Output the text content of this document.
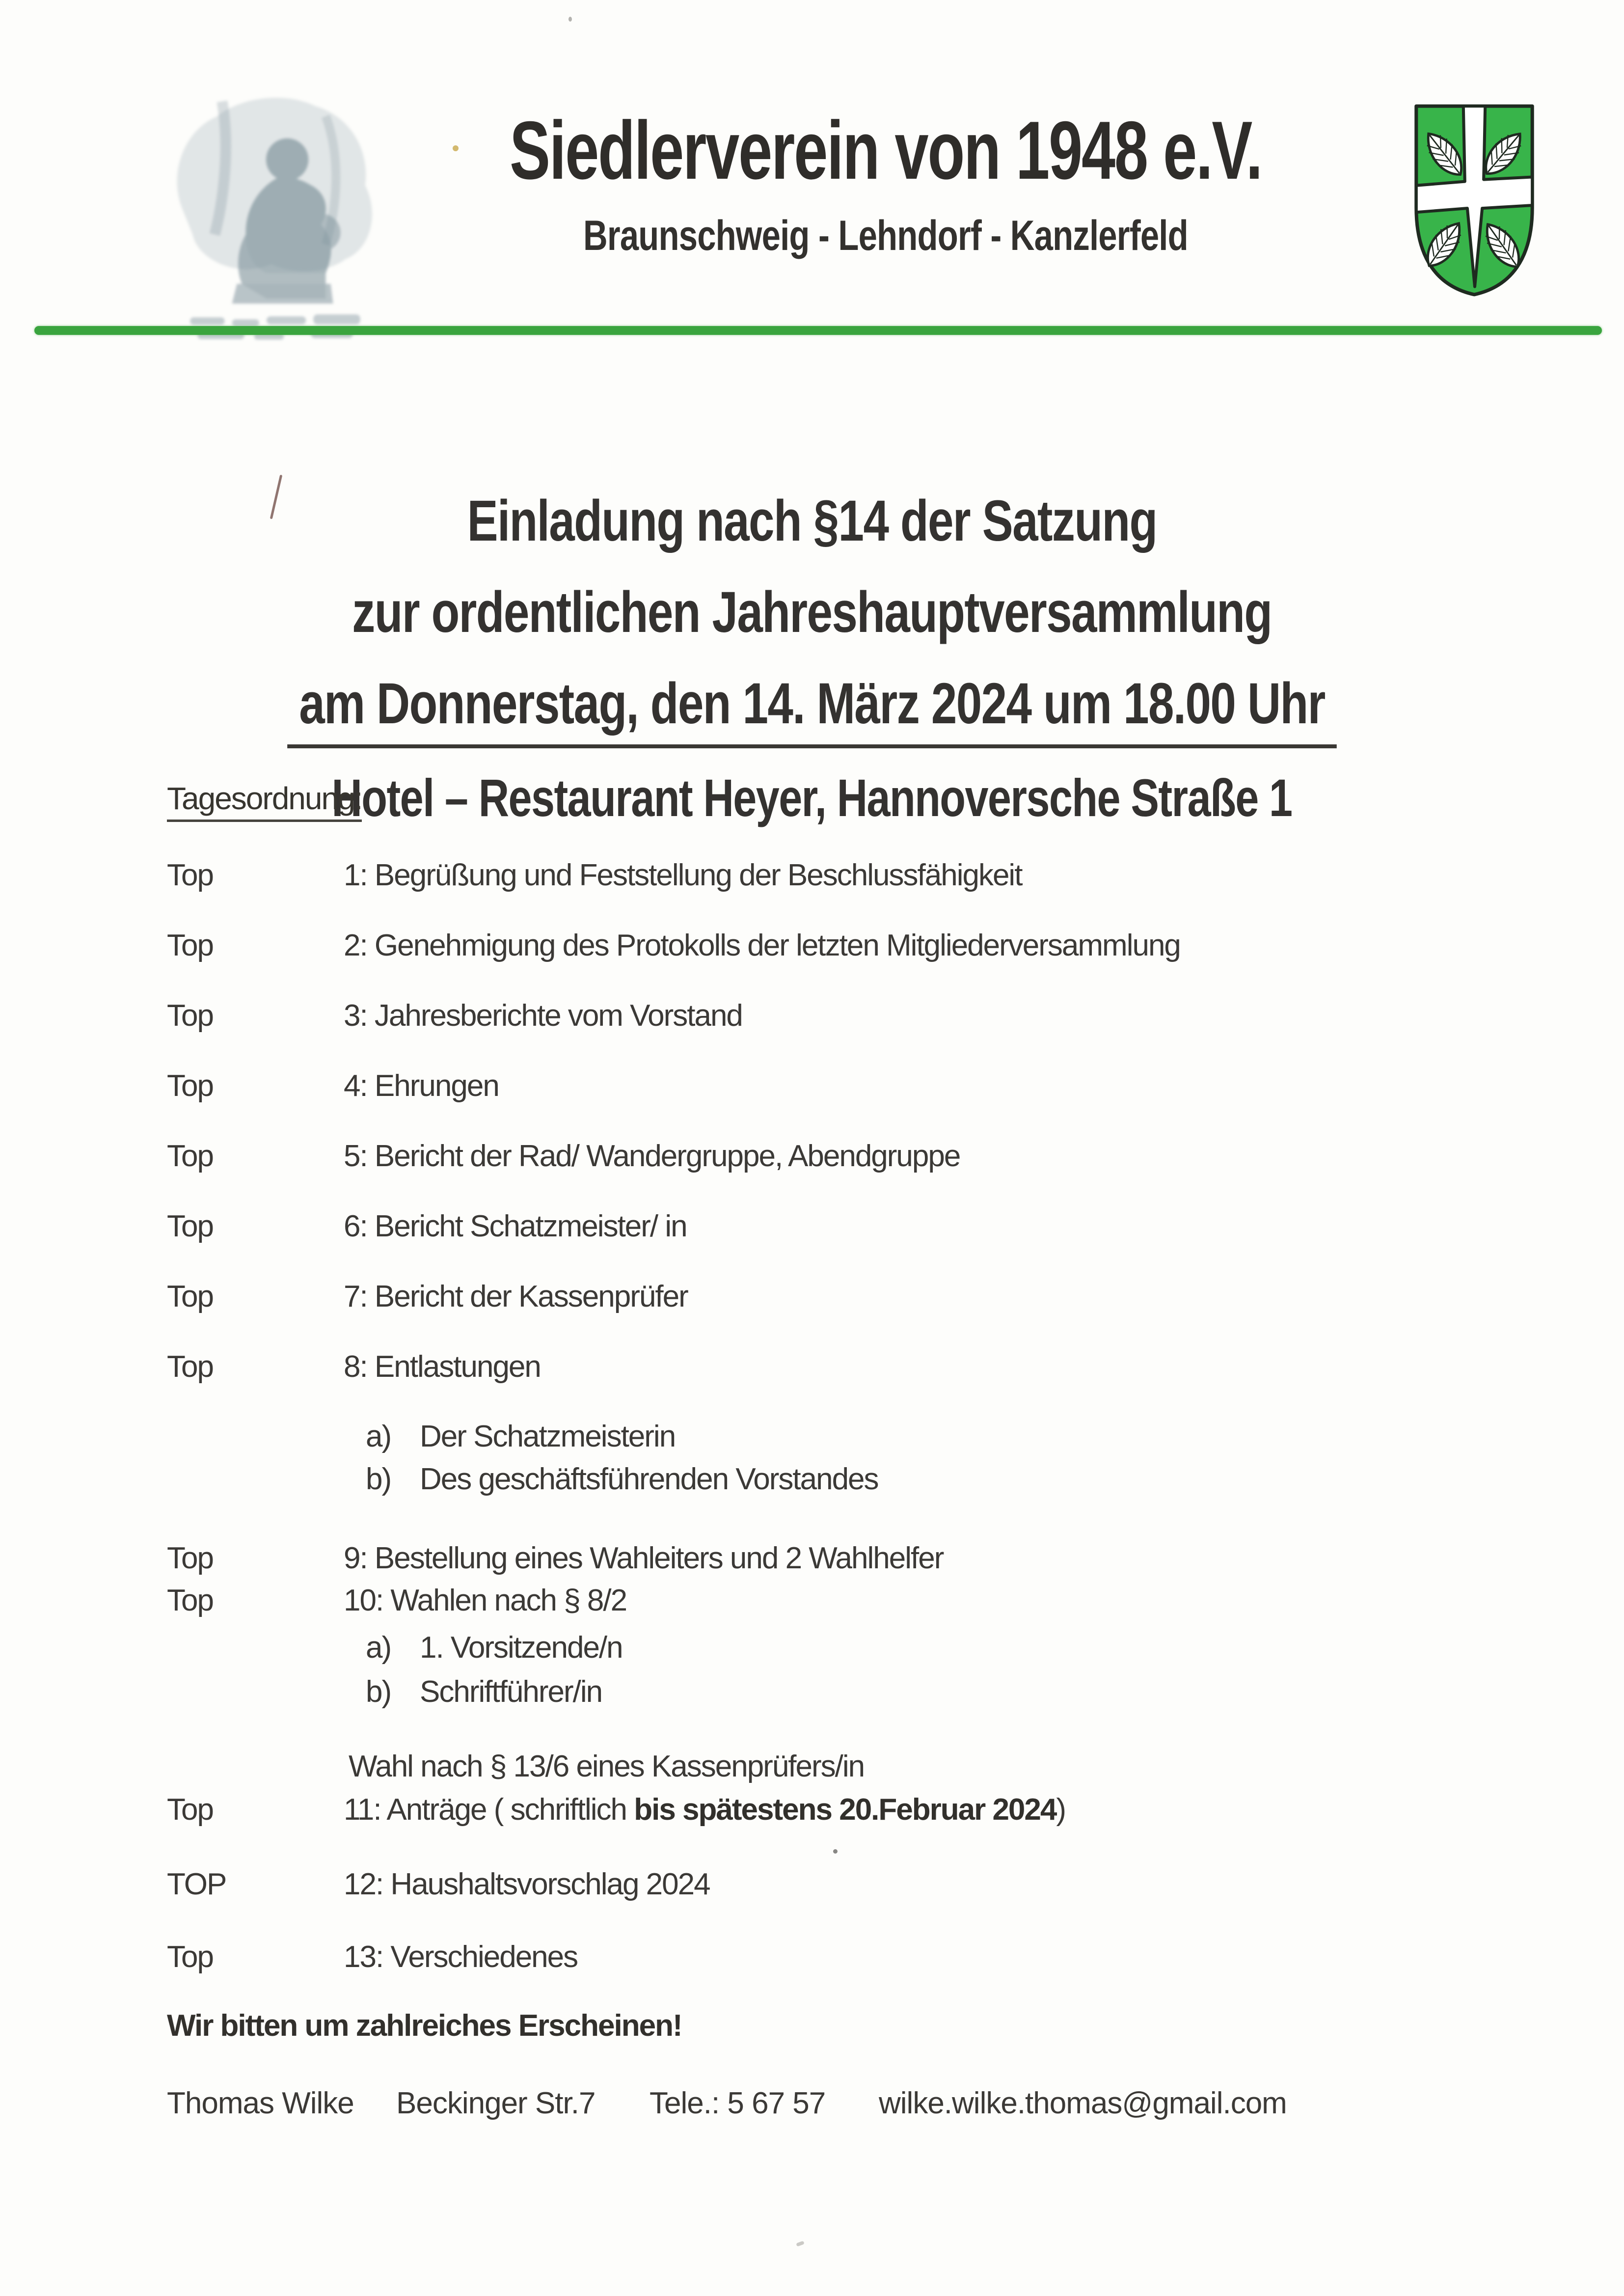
Siedlerverein von 1948 e.V.
Braunschweig - Lehndorf - Kanzlerfeld
Einladung nach §14 der Satzung
zur ordentlichen Jahreshauptversammlung
am Donnerstag, den 14. März 2024 um 18.00 Uhr
Hotel – Restaurant Heyer, Hannoversche Straße 1
Tagesordnung:
Top	1: Begrüßung und Feststellung der Beschlussfähigkeit
Top	2: Genehmigung des Protokolls der letzten Mitgliederversammlung
Top	3: Jahresberichte vom Vorstand
Top	4: Ehrungen
Top	5: Bericht der Rad/ Wandergruppe, Abendgruppe
Top	6: Bericht Schatzmeister/ in
Top	7: Bericht der Kassenprüfer
Top	8: Entlastungen
a) Der Schatzmeisterin
b) Des geschäftsführenden Vorstandes
Top	9: Bestellung eines Wahleiters und 2 Wahlhelfer
Top	10: Wahlen nach § 8/2
a) 1. Vorsitzende/n
b) Schriftführer/in
Wahl nach § 13/6 eines Kassenprüfers/in
Top	11: Anträge ( schriftlich bis spätestens 20.Februar 2024)
TOP	12: Haushaltsvorschlag 2024
Top	13: Verschiedenes
Wir bitten um zahlreiches Erscheinen!
Thomas Wilke Beckinger Str.7 Tele.: 5 67 57 wilke.wilke.thomas@gmail.com
